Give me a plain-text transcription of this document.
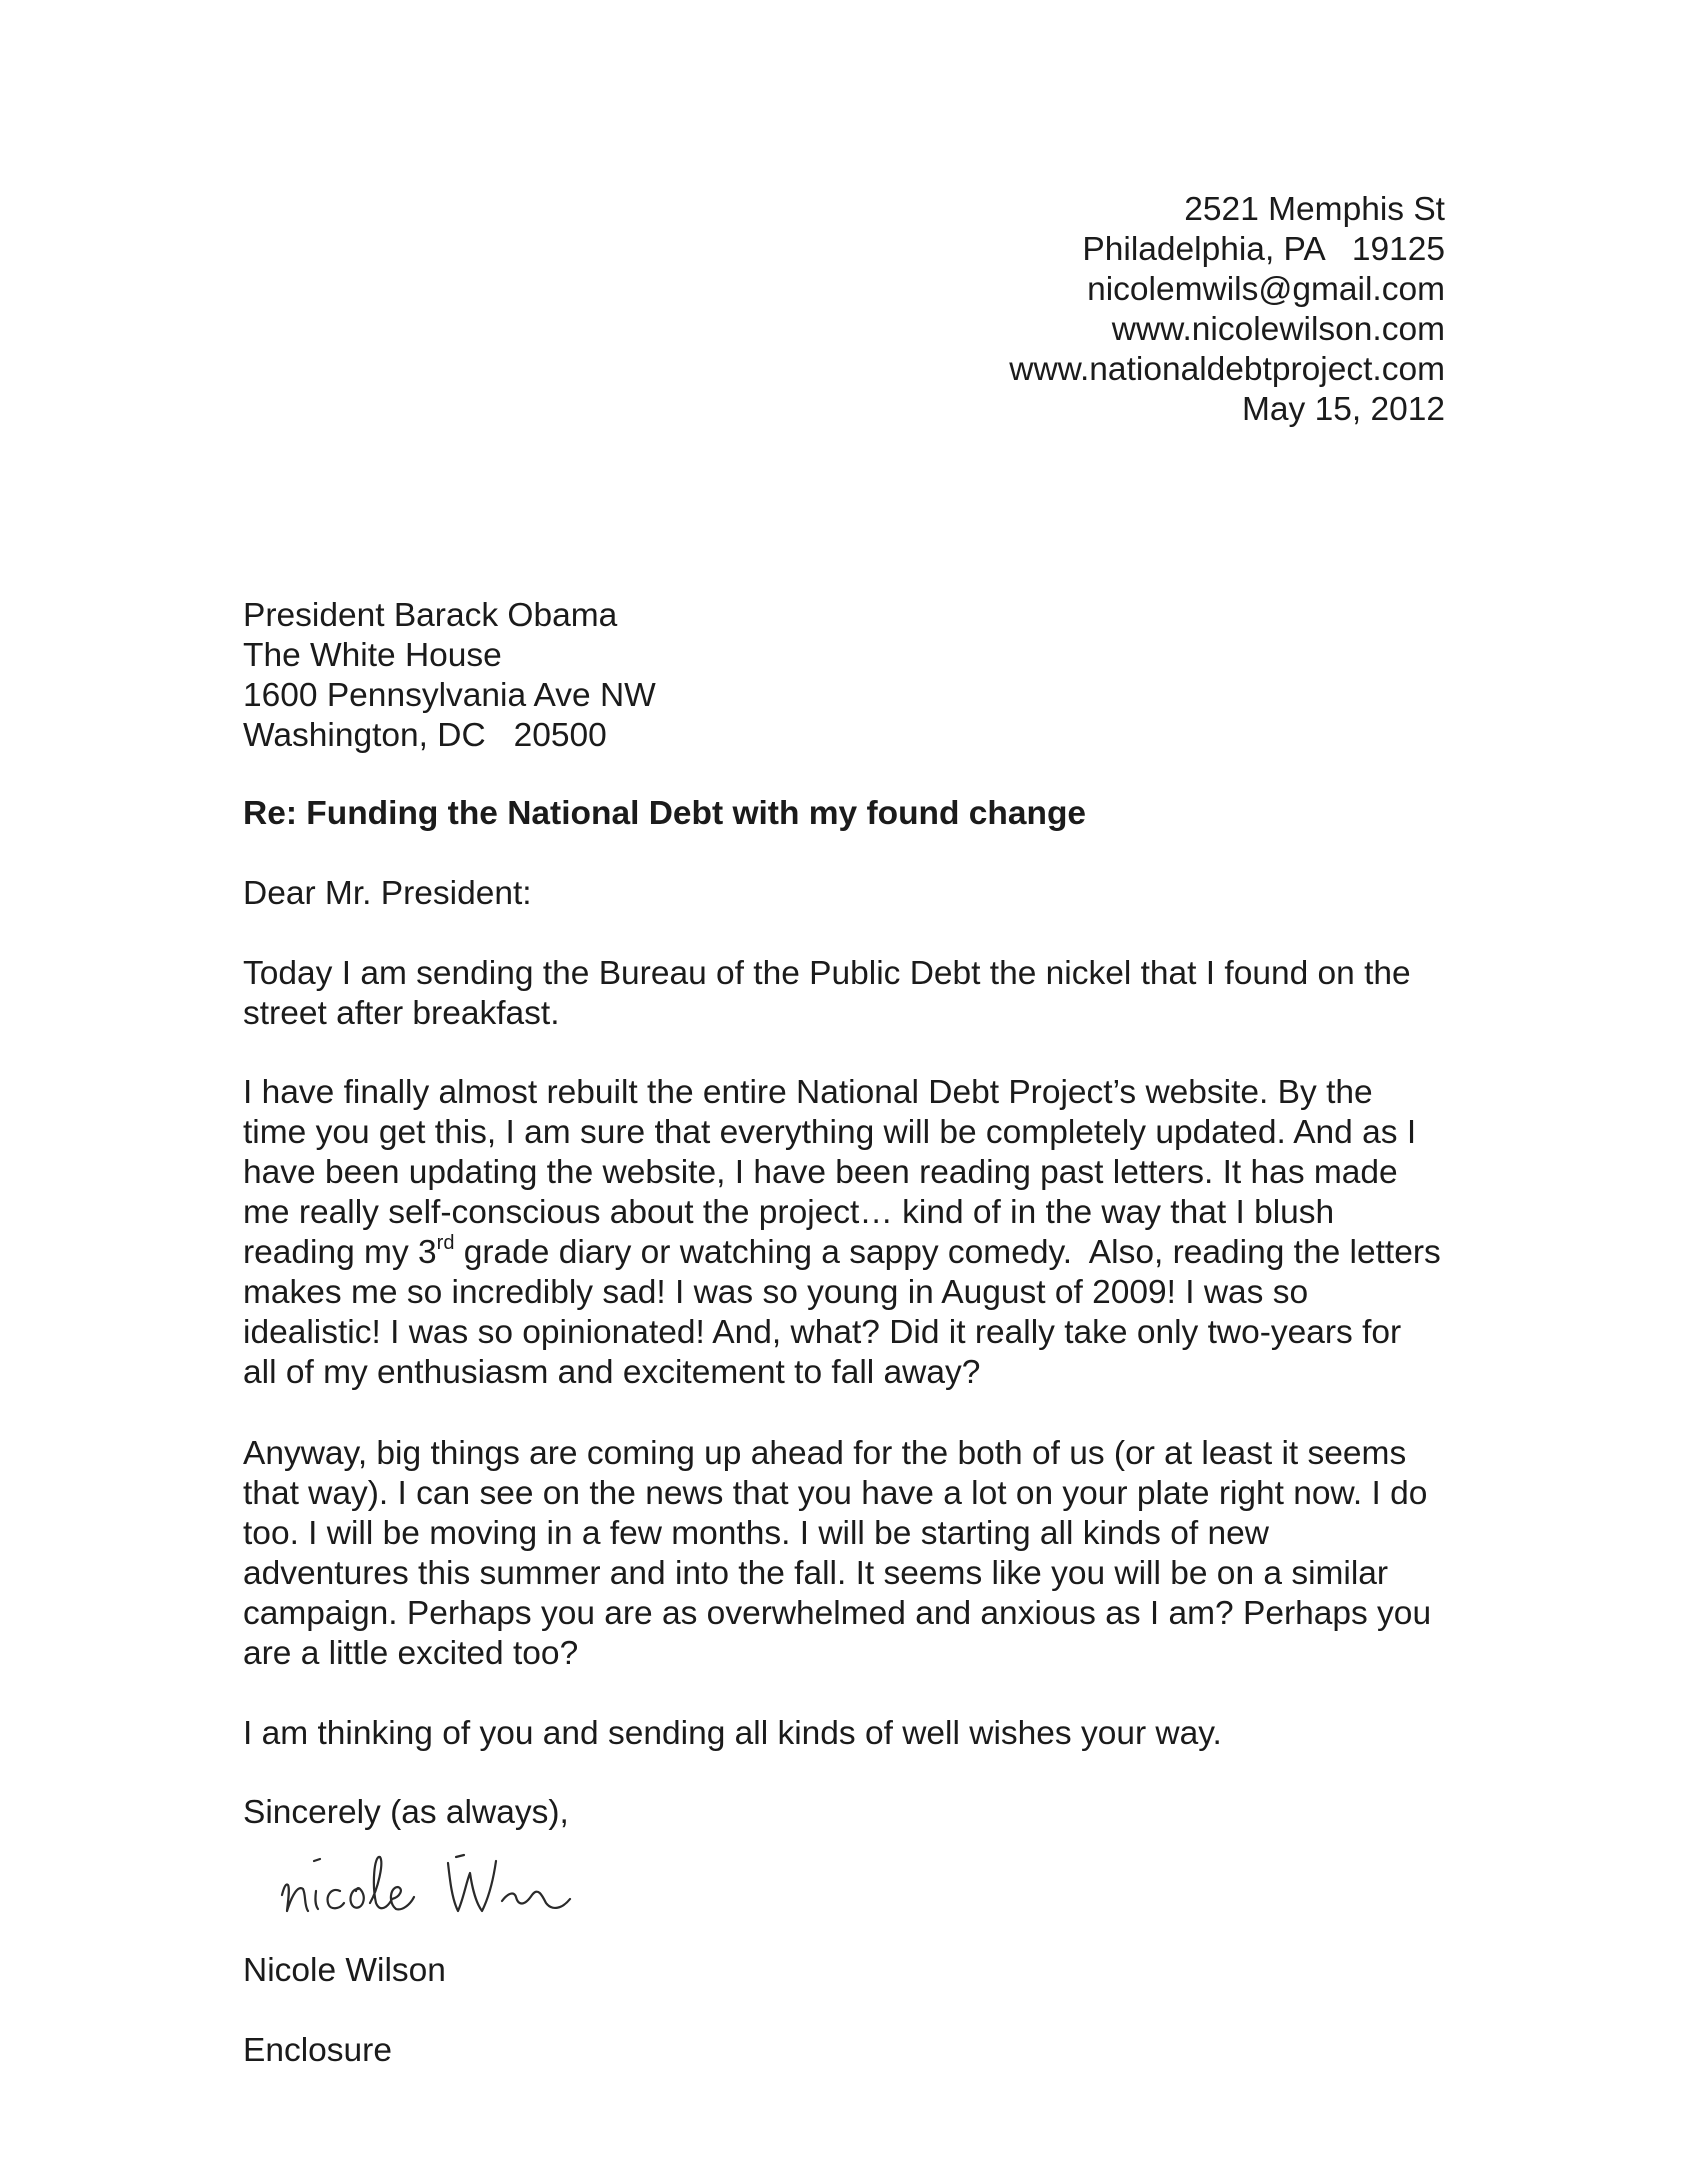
2521 Memphis St
Philadelphia, PA   19125
nicolemwils@gmail.com
www.nicolewilson.com
www.nationaldebtproject.com
May 15, 2012
President Barack Obama
The White House
1600 Pennsylvania Ave NW
Washington, DC   20500
Re: Funding the National Debt with my found change
Dear Mr. President:
Today I am sending the Bureau of the Public Debt the nickel that I found on the
street after breakfast.
I have finally almost rebuilt the entire National Debt Project’s website. By the
time you get this, I am sure that everything will be completely updated. And as I
have been updating the website, I have been reading past letters. It has made
me really self-conscious about the project… kind of in the way that I blush
reading my 3rd grade diary or watching a sappy comedy.  Also, reading the letters
makes me so incredibly sad! I was so young in August of 2009! I was so
idealistic! I was so opinionated! And, what? Did it really take only two-years for
all of my enthusiasm and excitement to fall away?
Anyway, big things are coming up ahead for the both of us (or at least it seems
that way). I can see on the news that you have a lot on your plate right now. I do
too. I will be moving in a few months. I will be starting all kinds of new
adventures this summer and into the fall. It seems like you will be on a similar
campaign. Perhaps you are as overwhelmed and anxious as I am? Perhaps you
are a little excited too?
I am thinking of you and sending all kinds of well wishes your way.
Sincerely (as always),
Nicole Wilson
Enclosure
